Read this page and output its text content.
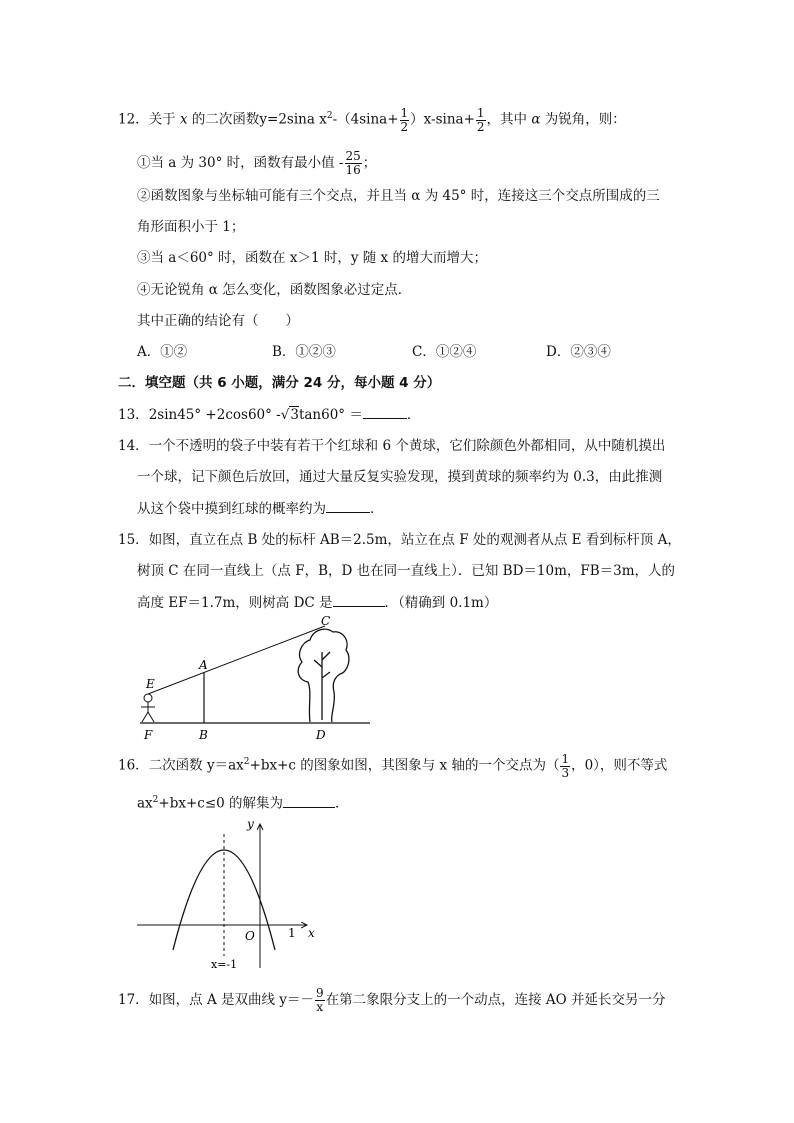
12．关于 x 的二次函数y=2sina $x^2-(4\sin a+ \frac{1}{2} )x-\sin a+ \frac{1}{2}$ ，其中 α 为锐角，则：
①当 a 为 30° 时，函数有最小值 - $\frac{25}{16}$ ；
②函数图象与坐标轴可能有三个交点，并且当 α 为 45° 时，连接这三个交点所围成的三
角形面积小于 1；
③当 a＜60° 时，函数在 x＞1 时，y 随 x 的增大而增大；
④无论锐角 α 怎么变化，函数图象必过定点．
其中正确的结论有（　　）
A．①②	B．①②③	C．①②④	D．②③④
二．填空题（共 6 小题，满分 24 分，每小题 4 分）
13．2sin45° +2cos60° -√3tan60° ＝	．
14．一个不透明的袋子中装有若干个红球和 6 个黄球，它们除颜色外都相同，从中随机摸出
一个球，记下颜色后放回，通过大量反复实验发现，摸到黄球的频率约为 0.3，由此推测
从这个袋中摸到红球的概率约为	．
15．如图，直立在点 B 处的标杆 AB＝2.5m，站立在点 F 处的观测者从点 E 看到标杆顶 A，
树顶 C 在同一直线上（点 F，B，D 也在同一直线上）．已知 BD＝10m，FB＝3m，人的
高度 EF＝1.7m，则树高 DC 是	．（精确到 0.1m）
C
A
E
F	B	D
16．二次函数 $y=ax^2+bx+c$ 的图象如图，其图象与 x 轴的一个交点为（ $\frac{1}{3}$ ，0），则不等式
$ax^2+bx+c\le 0$ 的解集为	．
y
x
O	1
x=-1
17．如图，点 A 是双曲线 $y=- \frac{9}{x}$ 在第二象限分支上的一个动点，连接 AO 并延长交另一分
